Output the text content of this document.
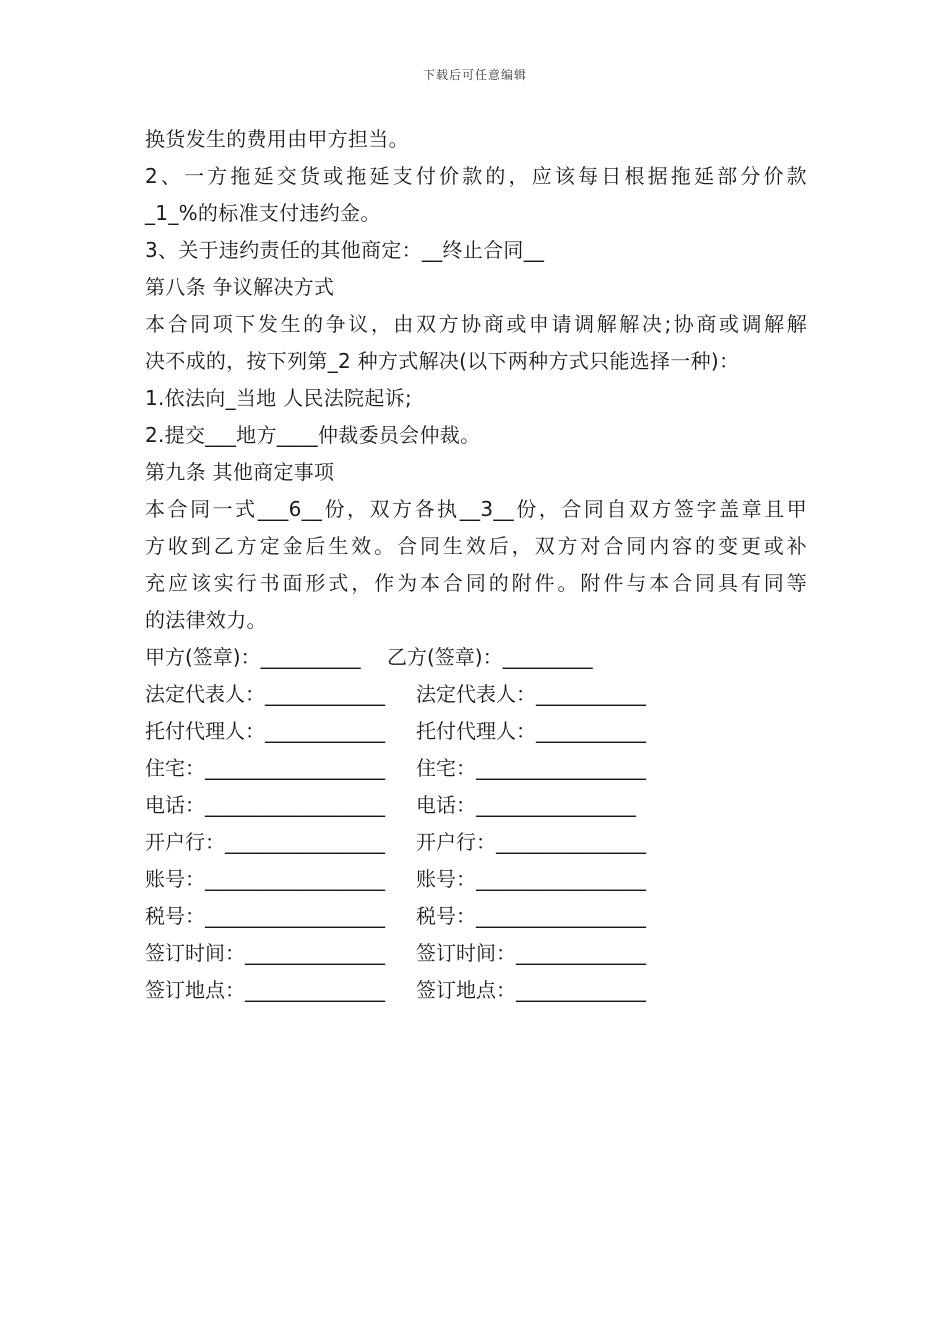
下载后可任意编辑
换货发生的费用由甲方担当。
2、一方拖延交货或拖延支付价款的，应该每日根据拖延部分价款
_1_%的标准支付违约金。
3、关于违约责任的其他商定：__终止合同__
第八条 争议解决方式
本合同项下发生的争议，由双方协商或申请调解解决;协商或调解解
决不成的，按下列第_2 种方式解决(以下两种方式只能选择一种)：
1.依法向_当地 人民法院起诉;
2.提交___地方____仲裁委员会仲裁。
第九条 其他商定事项
本合同一式___6__份，双方各执__3__份，合同自双方签字盖章且甲
方收到乙方定金后生效。合同生效后，双方对合同内容的变更或补
充应该实行书面形式，作为本合同的附件。附件与本合同具有同等
的法律效力。

甲方(签章)：__________

乙方(签章)：_________

法定代表人：____________

法定代表人：___________

托付代理人：____________

托付代理人：___________

住宅：__________________

住宅：_________________

电话：__________________

电话：________________

开户行：________________

开户行：_______________

账号：__________________

账号：_________________

税号：__________________

税号：_________________

签订时间：______________

签订时间：_____________

签订地点：______________

签订地点：_____________
